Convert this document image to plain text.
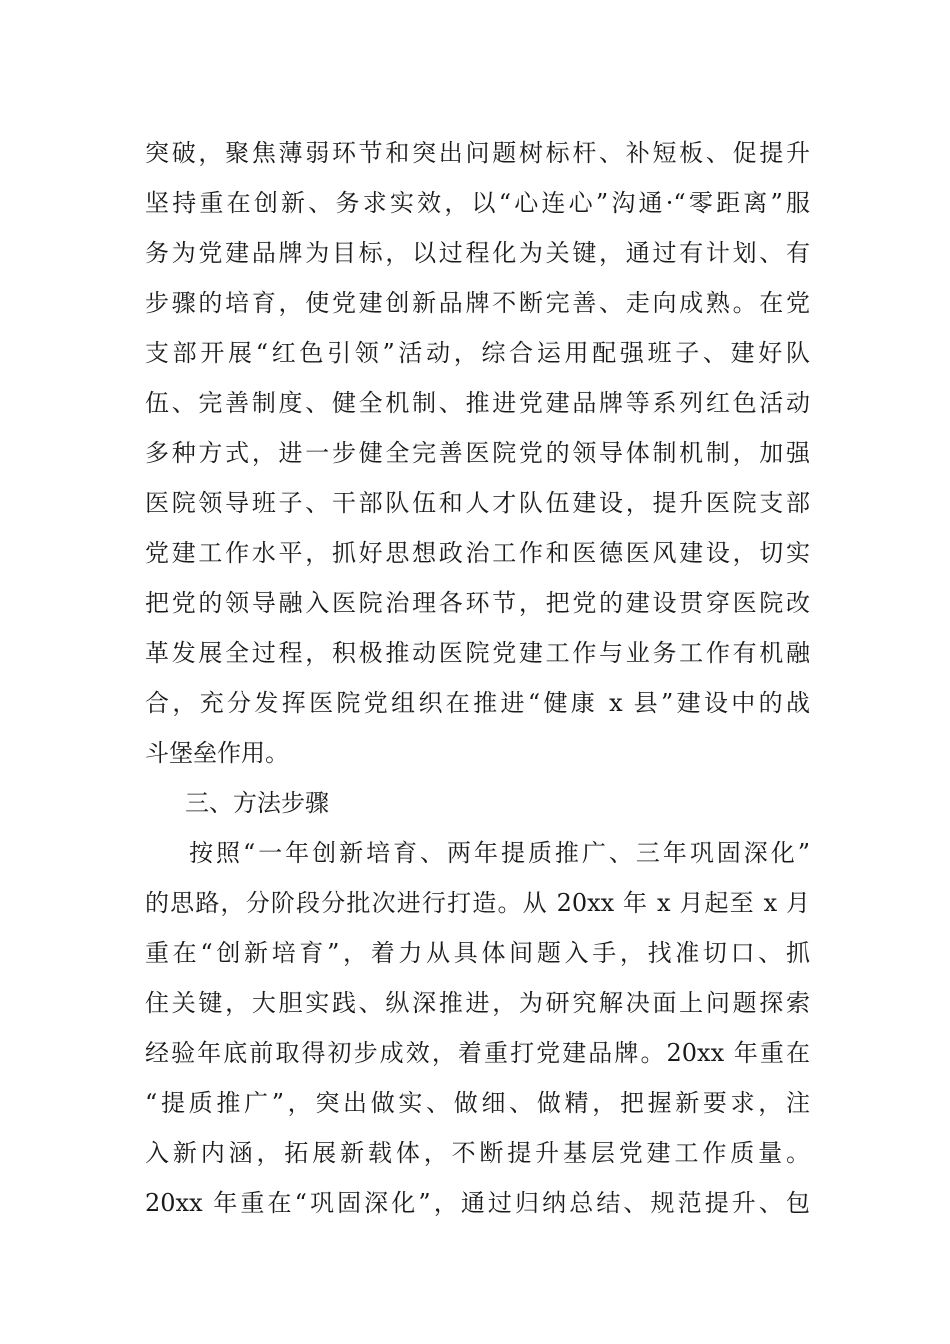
突破，聚焦薄弱环节和突出问题树标杆、补短板、促提升
坚持重在创新、务求实效，以“心连心”沟通·“零距离”服
务为党建品牌为目标，以过程化为关键，通过有计划、有
步骤的培育，使党建创新品牌不断完善、走向成熟。在党
支部开展“红色引领”活动，综合运用配强班子、建好队
伍、完善制度、健全机制、推进党建品牌等系列红色活动
多种方式，进一步健全完善医院党的领导体制机制，加强
医院领导班子、干部队伍和人才队伍建设，提升医院支部
党建工作水平，抓好思想政治工作和医德医风建设，切实
把党的领导融入医院治理各环节，把党的建设贯穿医院改
革发展全过程，积极推动医院党建工作与业务工作有机融
合，充分发挥医院党组织在推进“健康 x 县”建设中的战
斗堡垒作用。
三、方法步骤
按照“一年创新培育、两年提质推广、三年巩固深化”
的思路，分阶段分批次进行打造。从 20xx 年 x 月起至 x 月
重在“创新培育”，着力从具体间题入手，找准切口、抓
住关键，大胆实践、纵深推进，为研究解决面上问题探索
经验年底前取得初步成效，着重打党建品牌。20xx 年重在
“提质推广”，突出做实、做细、做精，把握新要求，注
入新内涵，拓展新载体，不断提升基层党建工作质量。
20xx 年重在“巩固深化”，通过归纳总结、规范提升、包
